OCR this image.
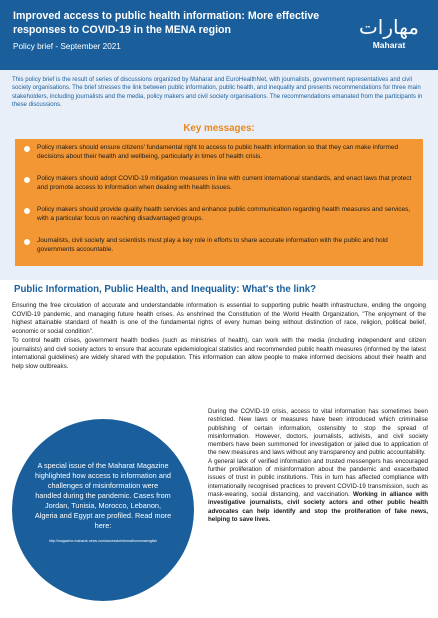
Improved access to public health information: More effective responses to COVID-19 in the MENA region
Policy brief - September 2021
مهارات
Maharat
This policy brief is the result of series of discussions organized by Maharat and EuroHealthNet, with journalists, government representatives and civil society organisations. The brief stresses the link between public information, public health, and inequality and presents recommendations for three main stakeholders, including journalists and the media, policy makers and civil society organisations. The recommendations emanated from the participants in these discussions.
Key messages:
Policy makers should ensure citizens' fundamental right to access to public health information so that they can make informed decisions about their health and wellbeing, particularly in times of health crisis.
Policy makers should adopt COVID-19 mitigation measures in line with current international standards, and enact laws that protect and promote access to information when dealing with health issues.
Policy makers should provide quality health services and enhance public communication regarding health measures and services, with a particular focus on reaching disadvantaged groups.
Journalists, civil society and scientists must play a key role in efforts to share accurate information with the public and hold governments accountable.
Public Information, Public Health, and Inequality: What's the link?
Ensuring the free circulation of accurate and understandable information is essential to supporting public health infrastructure, ending the ongoing COVID-19 pandemic, and managing future health crises. As enshrined the Constitution of the World Health Organization, "The enjoyment of the highest attainable standard of health is one of the fundamental rights of every human being without distinction of race, religion, political belief, economic or social condition".
To control health crises, government health bodies (such as ministries of health), can work with the media (including independent and citizen journalists) and civil society actors to ensure that accurate epidemiological statistics and recommended public health measures (informed by the latest international guidelines) are widely shared with the population. This information can allow people to make informed decisions about their health and help slow outbreaks.
A special issue of the Maharat Magazine highlighted how access to information and challenges of misinformation were handled during the pandemic. Cases from Jordan, Tunisia, Morocco, Lebanon, Algeria and Egypt are profiled. Read more here:
http://magazine.maharat-news.com/accesstoinformationonnaenglish
During the COVID-19 crisis, access to vital information has sometimes been restricted. New laws or measures have been introduced which criminalise publishing of certain information, ostensibly to stop the spread of misinformation. However, doctors, journalists, activists, and civil society members have been summoned for investigation or jailed due to application of the new measures and laws without any transparency and public accountability.
A general lack of verified information and trusted messengers has encouraged further proliferation of misinformation about the pandemic and exacerbated issues of trust in public institutions. This in turn has affected compliance with internationally recognised practices to prevent COVID-19 transmission, such as mask-wearing, social distancing, and vaccination. Working in alliance with investigative journalists, civil society actors and other public health advocates can help identify and stop the proliferation of fake news, helping to save lives.
